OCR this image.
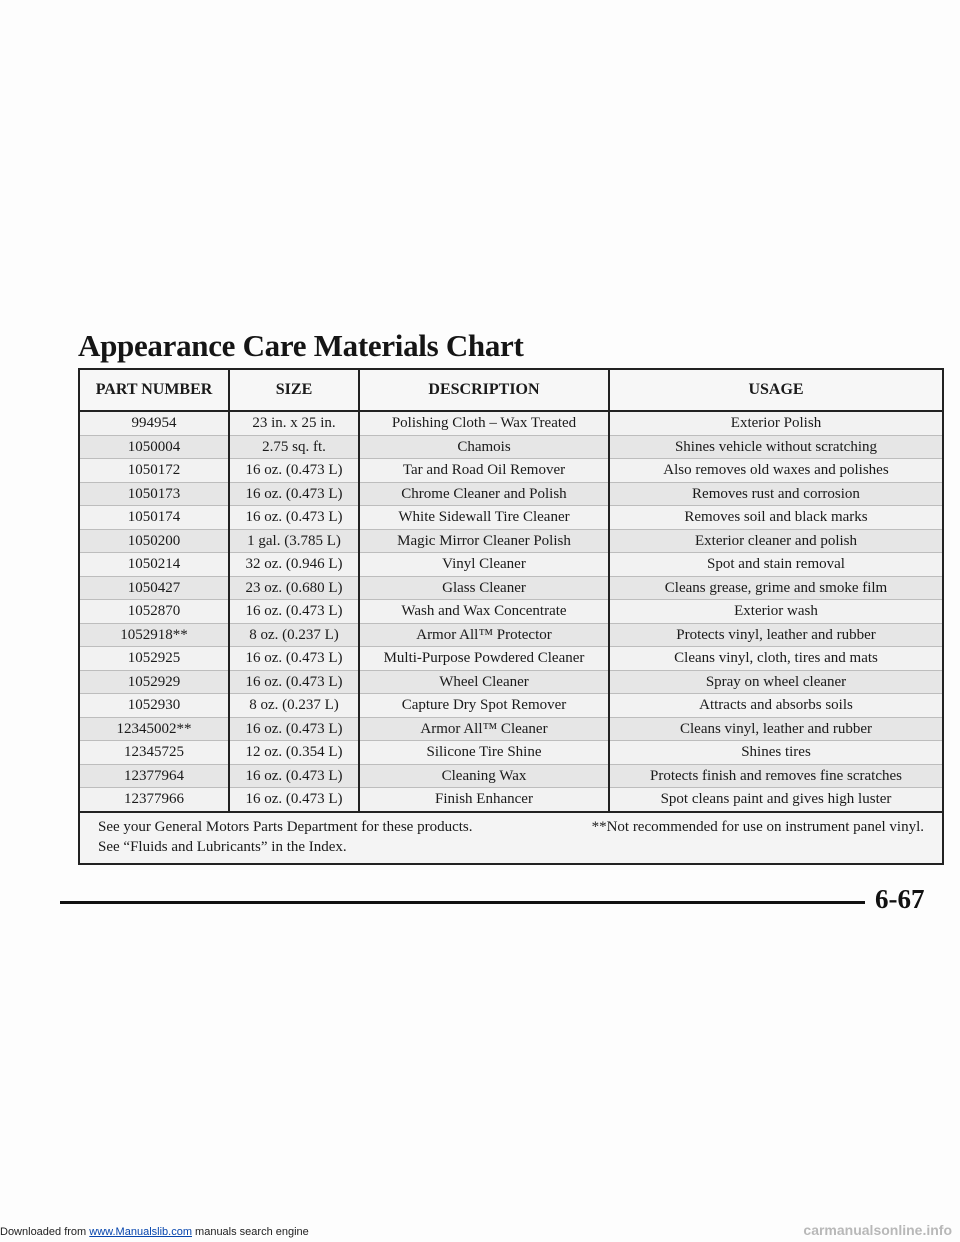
Appearance Care Materials Chart
PART NUMBER	SIZE	DESCRIPTION	USAGE
994954	23 in. x 25 in.	Polishing Cloth – Wax Treated	Exterior Polish
1050004	2.75 sq. ft.	Chamois	Shines vehicle without scratching
1050172	16 oz. (0.473 L)	Tar and Road Oil Remover	Also removes old waxes and polishes
1050173	16 oz. (0.473 L)	Chrome Cleaner and Polish	Removes rust and corrosion
1050174	16 oz. (0.473 L)	White Sidewall Tire Cleaner	Removes soil and black marks
1050200	1 gal. (3.785 L)	Magic Mirror Cleaner Polish	Exterior cleaner and polish
1050214	32 oz. (0.946 L)	Vinyl Cleaner	Spot and stain removal
1050427	23 oz. (0.680 L)	Glass Cleaner	Cleans grease, grime and smoke film
1052870	16 oz. (0.473 L)	Wash and Wax Concentrate	Exterior wash
1052918**	8 oz. (0.237 L)	Armor All™ Protector	Protects vinyl, leather and rubber
1052925	16 oz. (0.473 L)	Multi-Purpose Powdered Cleaner	Cleans vinyl, cloth, tires and mats
1052929	16 oz. (0.473 L)	Wheel Cleaner	Spray on wheel cleaner
1052930	8 oz. (0.237 L)	Capture Dry Spot Remover	Attracts and absorbs soils
12345002**	16 oz. (0.473 L)	Armor All™ Cleaner	Cleans vinyl, leather and rubber
12345725	12 oz. (0.354 L)	Silicone Tire Shine	Shines tires
12377964	16 oz. (0.473 L)	Cleaning Wax	Protects finish and removes fine scratches
12377966	16 oz. (0.473 L)	Finish Enhancer	Spot cleans paint and gives high luster

See your General Motors Parts Department for these products. **Not recommended for use on instrument panel vinyl.
See “Fluids and Lubricants” in the Index.			
6-67
Downloaded from www.Manualslib.com manuals search engine	carmanualsonline.info
